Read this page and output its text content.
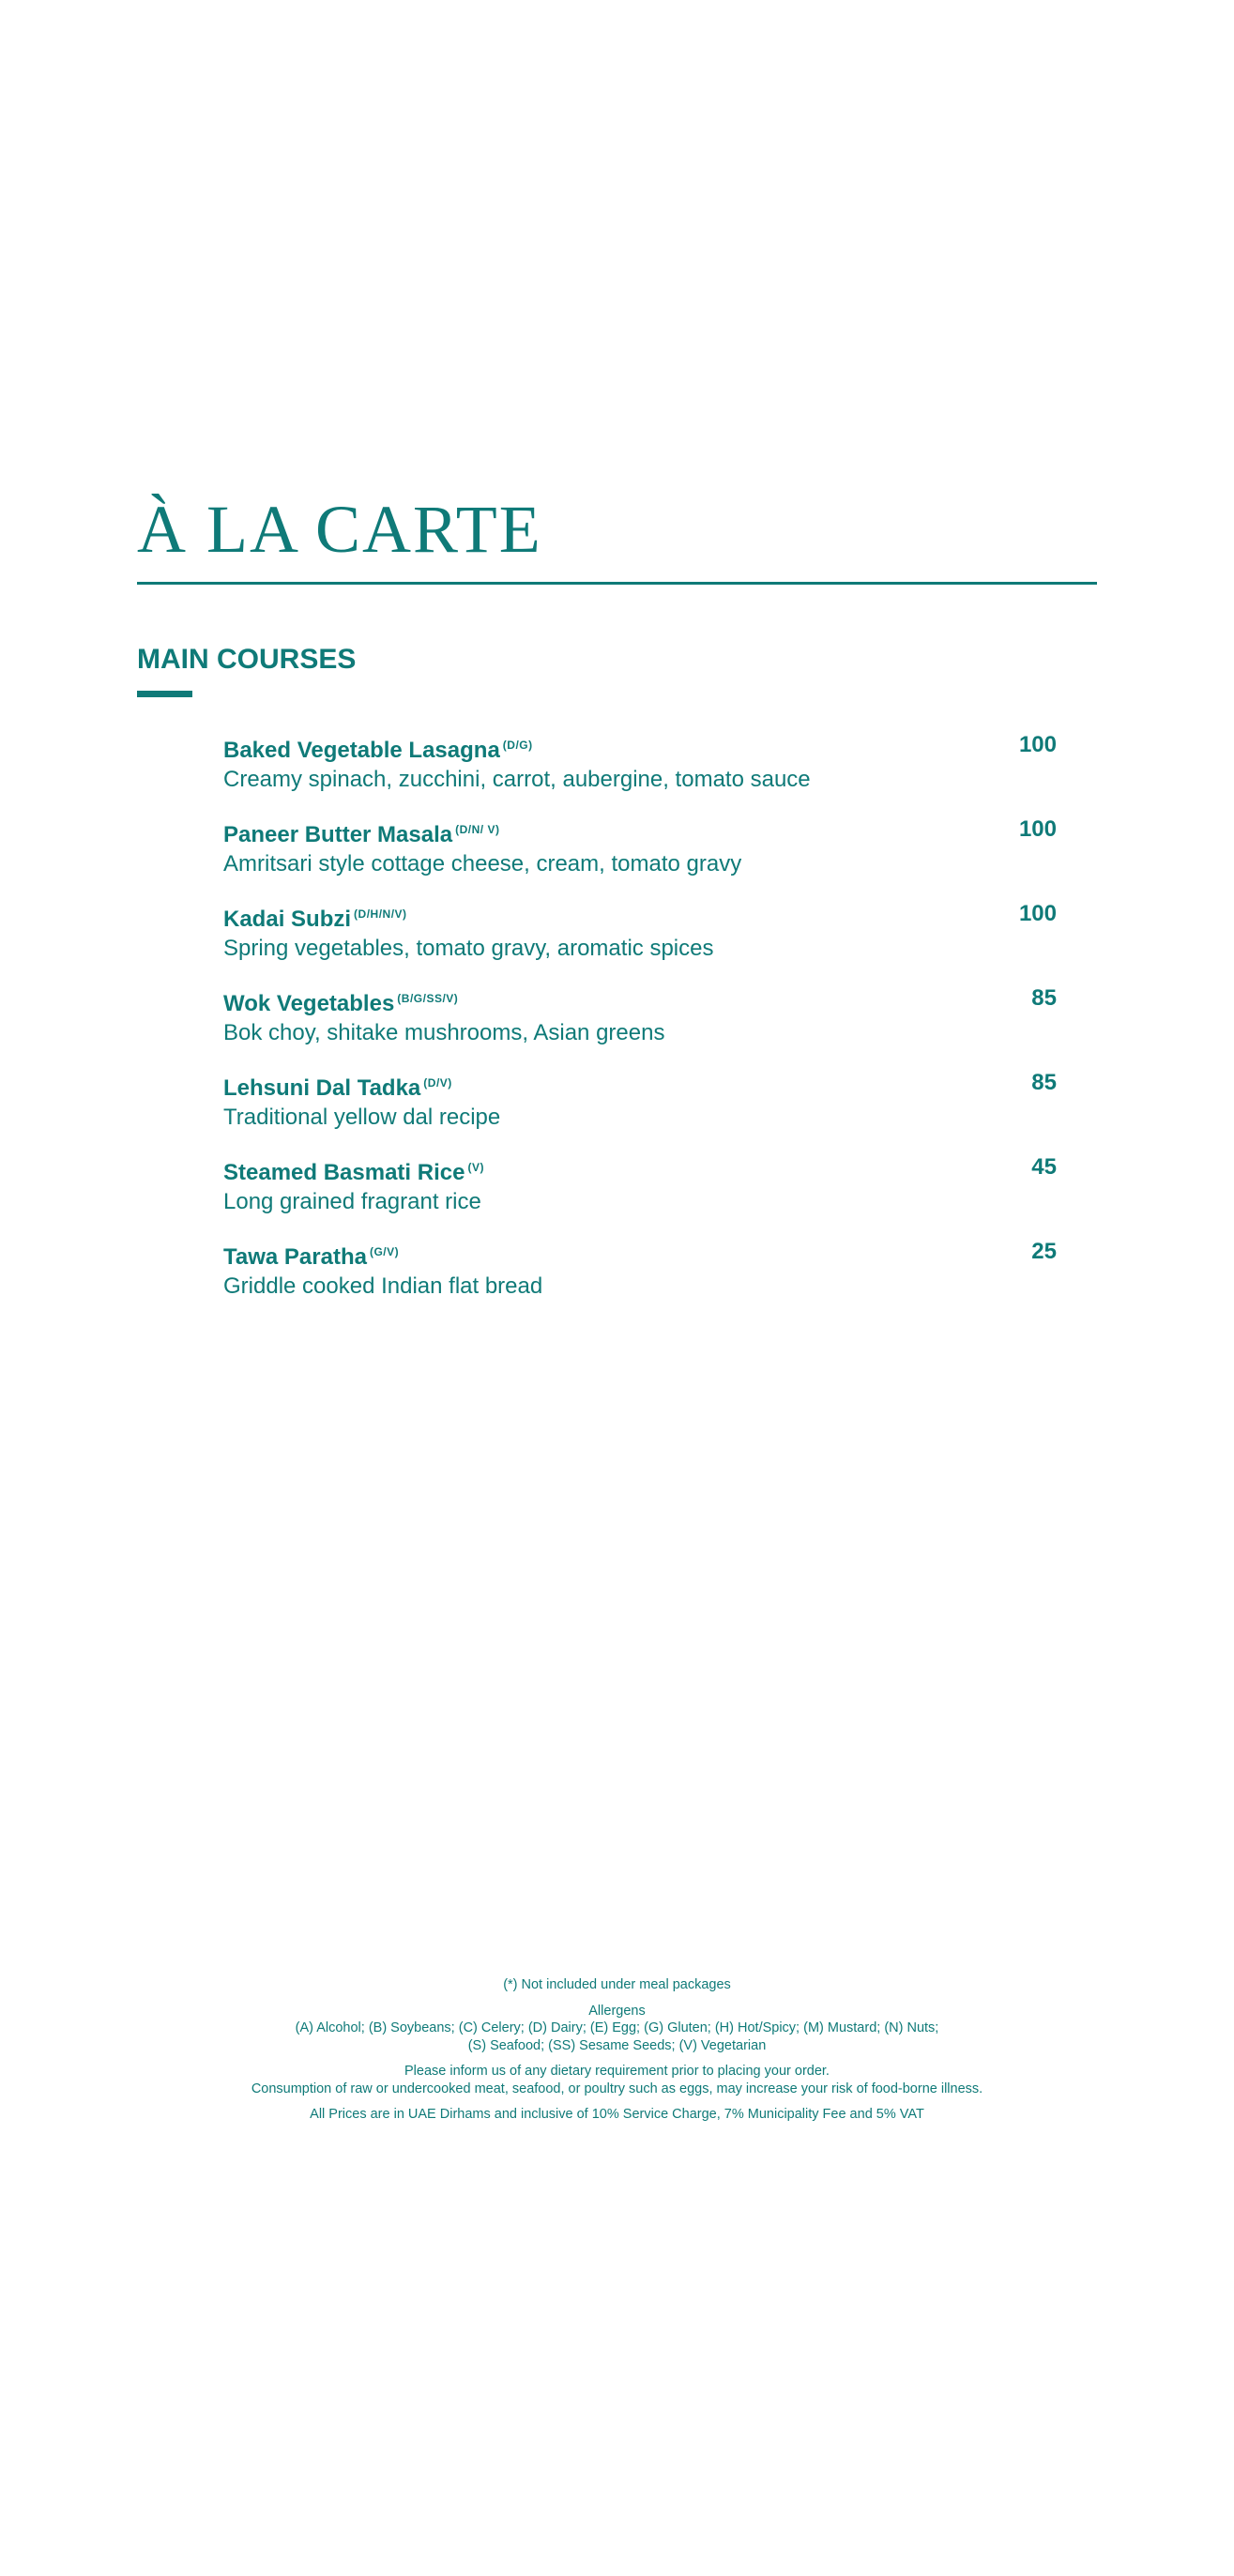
À LA CARTE
MAIN COURSES
Baked Vegetable Lasagna $^{(D/G)}$
Creamy spinach, zucchini, carrot, aubergine, tomato sauce
100
Paneer Butter Masala $^{(D/N/ V)}$
Amritsari style cottage cheese, cream, tomato gravy
100
Kadai Subzi $^{(D/H/N/V)}$
Spring vegetables, tomato gravy, aromatic spices
100
Wok Vegetables $^{(B/G/SS/V)}$
Bok choy, shitake mushrooms, Asian greens
85
Lehsuni Dal Tadka $^{(D/V)}$
Traditional yellow dal recipe
85
Steamed Basmati Rice $^{(V)}$
Long grained fragrant rice
45
Tawa Paratha $^{(G/V)}$
Griddle cooked Indian flat bread
25

(*) Not included under meal packages

Allergens

(A) Alcohol; (B) Soybeans; (C) Celery; (D) Dairy; (E) Egg; (G) Gluten; (H) Hot/Spicy; (M) Mustard; (N) Nuts;

(S) Seafood; (SS) Sesame Seeds; (V) Vegetarian

Please inform us of any dietary requirement prior to placing your order.

Consumption of raw or undercooked meat, seafood, or poultry such as eggs, may increase your risk of food-borne illness.

All Prices are in UAE Dirhams and inclusive of 10% Service Charge, 7% Municipality Fee and 5% VAT
